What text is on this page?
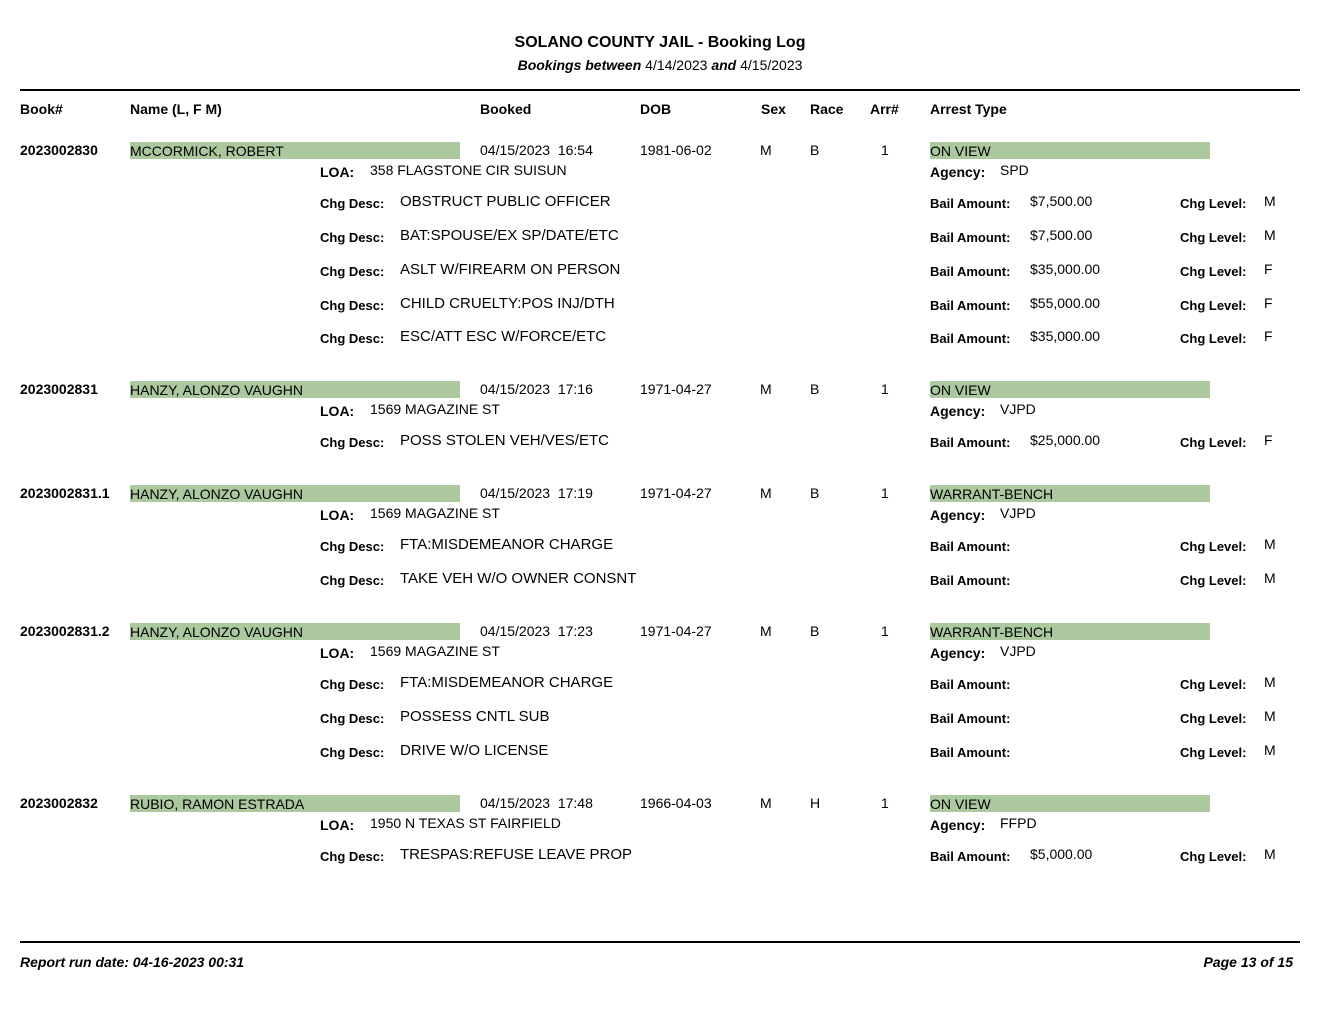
SOLANO COUNTY JAIL - Booking Log
Bookings between 4/14/2023 and 4/15/2023
Book#	Name (L, F M)	Booked	DOB	Sex Race Arr# Arrest Type
2023002830 MCCORMICK, ROBERT	04/15/2023  16:54	1981-06-02	M	B	1	ON VIEW
LOA: 358 FLAGSTONE CIR SUISUN	Agency: SPD
Chg Desc: OBSTRUCT PUBLIC OFFICER	Bail Amount: $7,500.00	Chg Level: M
Chg Desc: BAT:SPOUSE/EX SP/DATE/ETC	Bail Amount: $7,500.00	Chg Level: M
Chg Desc: ASLT W/FIREARM ON PERSON	Bail Amount: $35,000.00	Chg Level: F
Chg Desc: CHILD CRUELTY:POS INJ/DTH	Bail Amount: $55,000.00	Chg Level: F
Chg Desc: ESC/ATT ESC W/FORCE/ETC	Bail Amount: $35,000.00	Chg Level: F
2023002831 HANZY, ALONZO VAUGHN	04/15/2023  17:16	1971-04-27	M	B	1	ON VIEW
LOA: 1569 MAGAZINE ST	Agency: VJPD
Chg Desc: POSS STOLEN VEH/VES/ETC	Bail Amount: $25,000.00	Chg Level: F
2023002831.1 HANZY, ALONZO VAUGHN	04/15/2023  17:19	1971-04-27	M	B	1	WARRANT-BENCH
LOA: 1569 MAGAZINE ST	Agency: VJPD
Chg Desc: FTA:MISDEMEANOR CHARGE	Bail Amount:	Chg Level: M
Chg Desc: TAKE VEH W/O OWNER CONSNT	Bail Amount:	Chg Level: M
2023002831.2 HANZY, ALONZO VAUGHN	04/15/2023  17:23	1971-04-27	M	B	1	WARRANT-BENCH
LOA: 1569 MAGAZINE ST	Agency: VJPD
Chg Desc: FTA:MISDEMEANOR CHARGE	Bail Amount:	Chg Level: M
Chg Desc: POSSESS CNTL SUB	Bail Amount:	Chg Level: M
Chg Desc: DRIVE W/O LICENSE	Bail Amount:	Chg Level: M
2023002832 RUBIO, RAMON ESTRADA	04/15/2023  17:48	1966-04-03	M	H	1	ON VIEW
LOA: 1950 N TEXAS ST FAIRFIELD	Agency: FFPD
Chg Desc: TRESPAS:REFUSE LEAVE PROP	Bail Amount: $5,000.00	Chg Level: M
Report run date: 04-16-2023 00:31	Page 13 of 15
